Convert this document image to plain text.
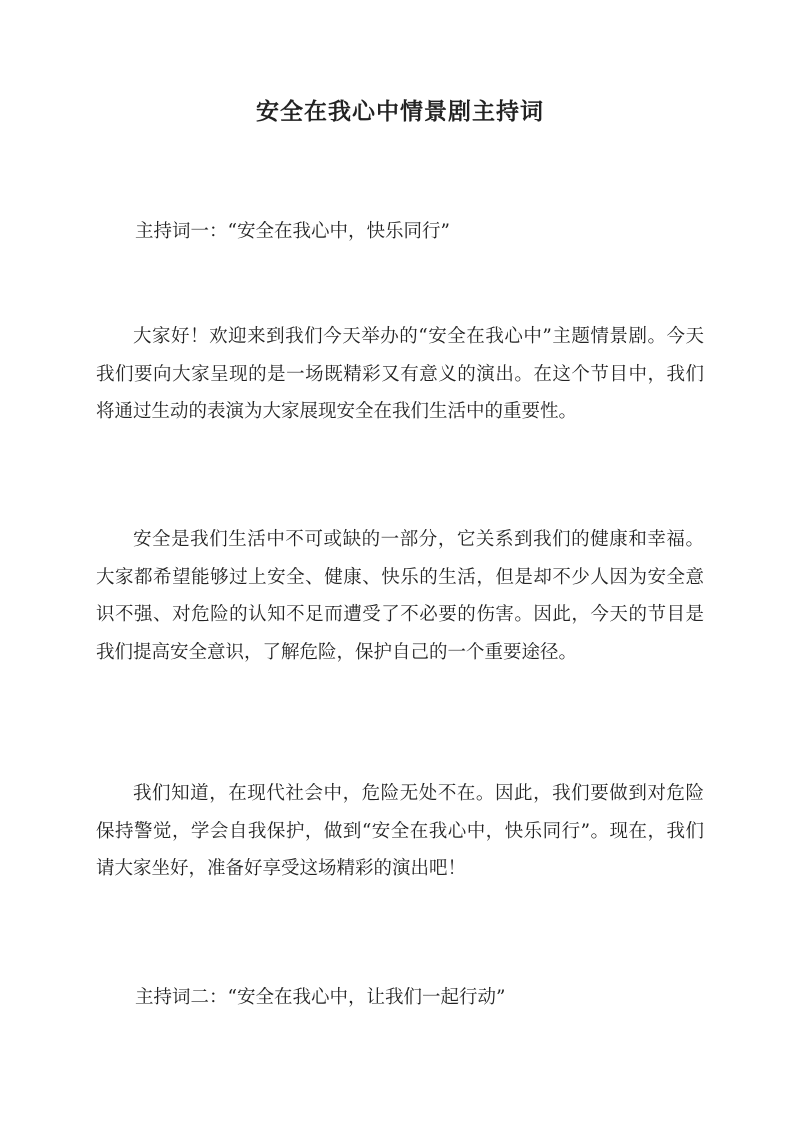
安全在我心中情景剧主持词

主持词一：“安全在我心中，快乐同行”

大家好！欢迎来到我们今天举办的“安全在我心中”主题情景剧。今天我们要向大家呈现的是一场既精彩又有意义的演出。在这个节目中，我们将通过生动的表演为大家展现安全在我们生活中的重要性。

安全是我们生活中不可或缺的一部分，它关系到我们的健康和幸福。大家都希望能够过上安全、健康、快乐的生活，但是却不少人因为安全意识不强、对危险的认知不足而遭受了不必要的伤害。因此，今天的节目是我们提高安全意识，了解危险，保护自己的一个重要途径。

我们知道，在现代社会中，危险无处不在。因此，我们要做到对危险保持警觉，学会自我保护，做到“安全在我心中，快乐同行”。现在，我们请大家坐好，准备好享受这场精彩的演出吧！

主持词二：“安全在我心中，让我们一起行动”
